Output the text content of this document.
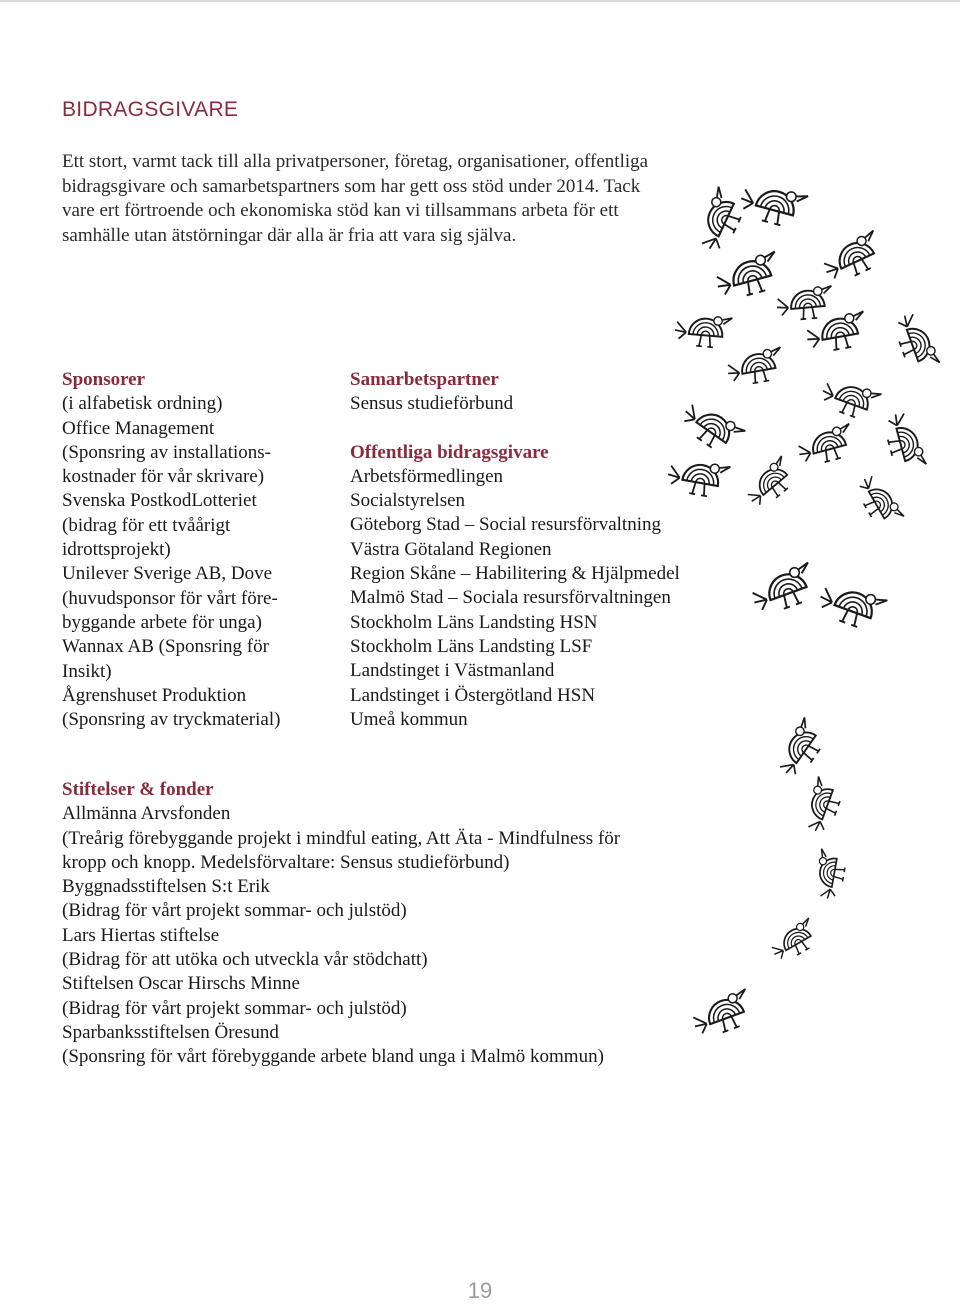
BIDRAGSGIVARE

Ett stort, varmt tack till alla privatpersoner, företag, organisationer, offentliga
bidragsgivare och samarbetspartners som har gett oss stöd under 2014. Tack
vare ert förtroende och ekonomiska stöd kan vi tillsammans arbeta för ett
samhälle utan ätstörningar där alla är fria att vara sig själva.

Sponsorer
(i alfabetisk ordning)
Office Management
(Sponsring av installations-
kostnader för vår skrivare)
Svenska PostkodLotteriet
(bidrag för ett tvåårigt
idrottsprojekt)
Unilever Sverige AB, Dove
(huvudsponsor för vårt före-
byggande arbete för unga)
Wannax AB (Sponsring för
Insikt)
Ågrenshuset Produktion
(Sponsring av tryckmaterial)
Samarbetspartner
Sensus studieförbund
Offentliga bidragsgivare
Arbetsförmedlingen
Socialstyrelsen
Göteborg Stad – Social resursförvaltning
Västra Götaland Regionen
Region Skåne – Habilitering & Hjälpmedel
Malmö Stad – Sociala resursförvaltningen
Stockholm Läns Landsting HSN
Stockholm Läns Landsting LSF
Landstinget i Västmanland
Landstinget i Östergötland HSN
Umeå kommun
Stiftelser & fonder
Allmänna Arvsfonden
(Treårig förebyggande projekt i mindful eating, Att Äta - Mindfulness för
kropp och knopp. Medelsförvaltare: Sensus studieförbund)
Byggnadsstiftelsen S:t Erik
(Bidrag för vårt projekt sommar- och julstöd)
Lars Hiertas stiftelse
(Bidrag för att utöka och utveckla vår stödchatt)
Stiftelsen Oscar Hirschs Minne
(Bidrag för vårt projekt sommar- och julstöd)
Sparbanksstiftelsen Öresund
(Sponsring för vårt förebyggande arbete bland unga i Malmö kommun)
19
